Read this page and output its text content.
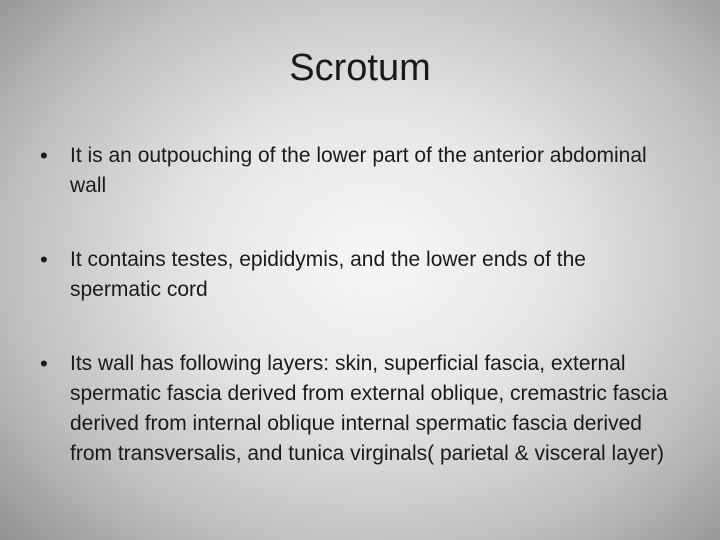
Scrotum
• It is an outpouching of the lower part of the anterior abdominal wall
• It contains testes, epididymis, and the lower ends of the spermatic cord
• Its wall has following layers: skin, superficial fascia, external spermatic fascia derived from external oblique, cremastric fascia derived from internal oblique internal spermatic fascia derived from transversalis, and tunica virginals( parietal & visceral layer)
